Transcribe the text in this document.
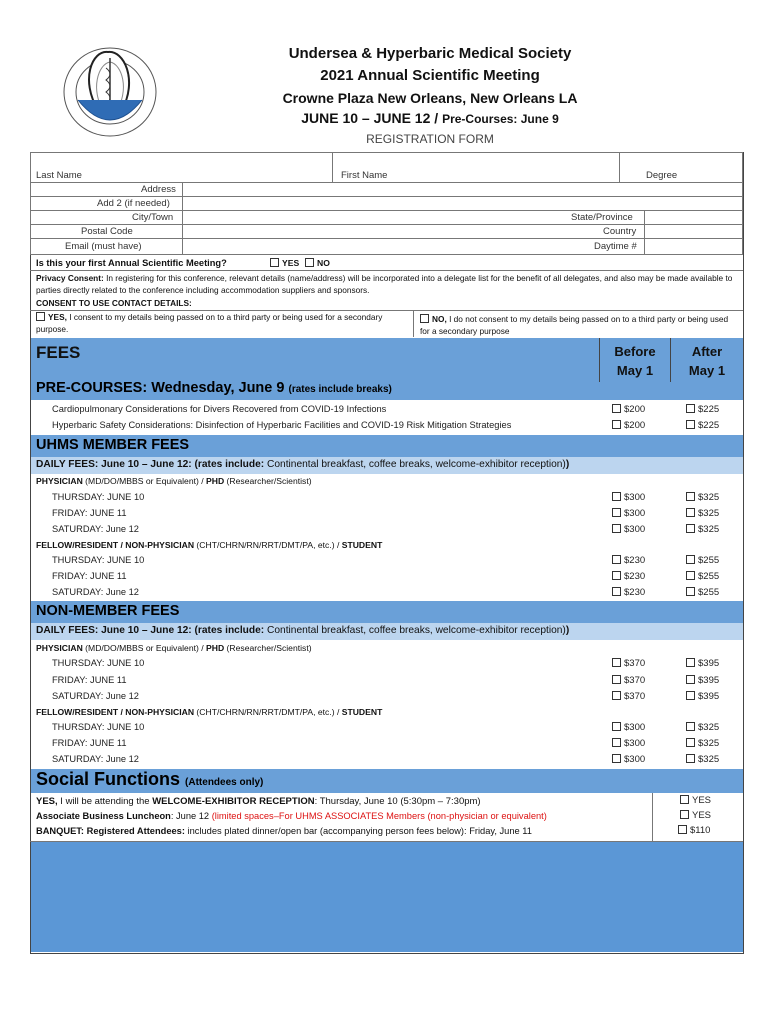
Undersea & Hyperbaric Medical Society
2021 Annual Scientific Meeting
Crowne Plaza New Orleans, New Orleans LA
JUNE 10 – JUNE 12 / Pre-Courses: June 9
REGISTRATION FORM
Last Name	First Name	Degree
Address
Add 2 (if needed)
City/Town	State/Province
Postal Code	Country
Email (must have)	Daytime #
Is this your first Annual Scientific Meeting?	YES	NO
Privacy Consent: In registering for this conference, relevant details (name/address) will be incorporated into a delegate list for the benefit of all delegates, and also may be made available to parties directly related to the conference including accommodation suppliers and sponsors.
CONSENT TO USE CONTACT DETAILS:
YES, I consent to my details being passed on to a third party or being used for a secondary purpose.
NO, I do not consent to my details being passed on to a third party or being used for a secondary purpose
FEES	Before
May 1
After
May 1
PRE-COURSES: Wednesday, June 9 (rates include breaks)
Cardiopulmonary Considerations for Divers Recovered from COVID-19 Infections	$200	$225
Hyperbaric Safety Considerations: Disinfection of Hyperbaric Facilities and COVID-19 Risk Mitigation Strategies	$200	$225
UHMS MEMBER FEES
DAILY FEES: June 10 – June 12: (rates include: Continental breakfast, coffee breaks, welcome-exhibitor reception))
PHYSICIAN (MD/DO/MBBS or Equivalent) / PHD (Researcher/Scientist)
THURSDAY: JUNE 10	$300	$325
FRIDAY: JUNE 11	$300	$325
SATURDAY: June 12	$300	$325
FELLOW/RESIDENT / NON-PHYSICIAN (CHT/CHRN/RN/RRT/DMT/PA, etc.) / STUDENT
THURSDAY: JUNE 10	$230	$255
FRIDAY: JUNE 11	$230	$255
SATURDAY: June 12	$230	$255
NON-MEMBER FEES
DAILY FEES: June 10 – June 12: (rates include: Continental breakfast, coffee breaks, welcome-exhibitor reception))
PHYSICIAN (MD/DO/MBBS or Equivalent) / PHD (Researcher/Scientist)
THURSDAY: JUNE 10	$370	$395
FRIDAY: JUNE 11	$370	$395
SATURDAY: June 12	$370	$395
FELLOW/RESIDENT / NON-PHYSICIAN (CHT/CHRN/RN/RRT/DMT/PA, etc.) / STUDENT
THURSDAY: JUNE 10	$300	$325
FRIDAY: JUNE 11	$300	$325
SATURDAY: June 12	$300	$325
Social Functions (Attendees only)
YES, I will be attending the WELCOME-EXHIBITOR RECEPTION: Thursday, June 10 (5:30pm – 7:30pm)	YES
Associate Business Luncheon: June 12 (limited spaces–For UHMS ASSOCIATES Members (non-physician or equivalent)	YES
BANQUET: Registered Attendees: includes plated dinner/open bar (accompanying person fees below): Friday, June 11	$110
